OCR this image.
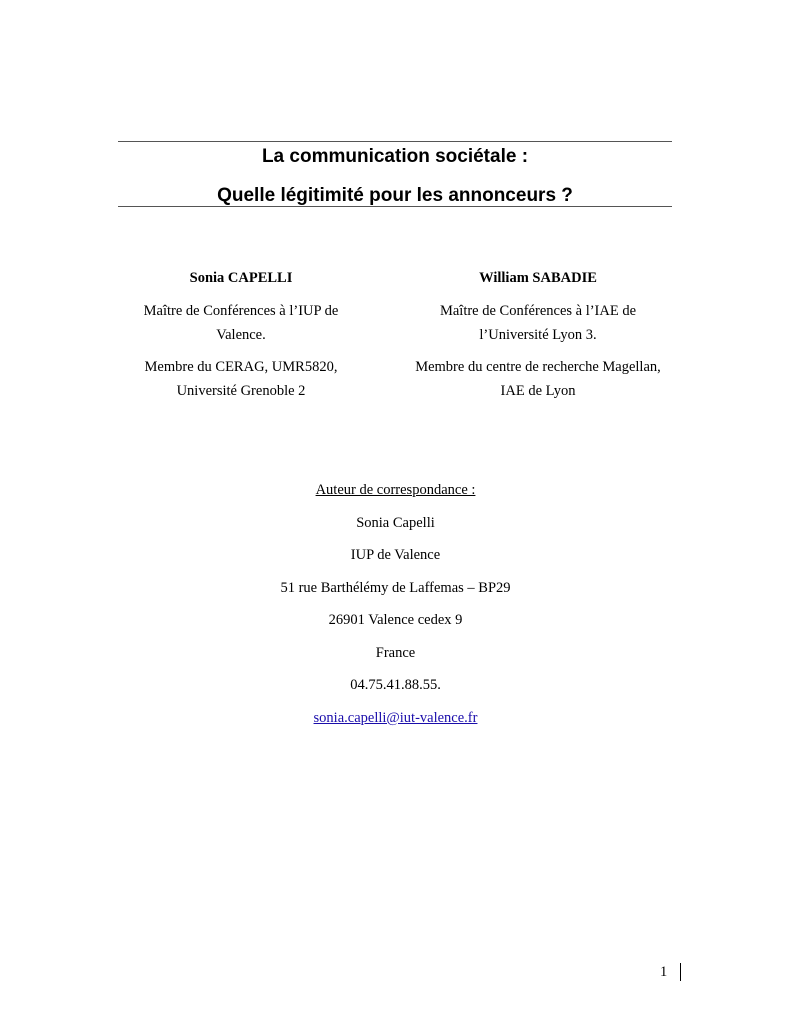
La communication sociétale :
Quelle légitimité pour les annonceurs ?
Sonia CAPELLI
Maître de Conférences à l’IUP de
Valence.
Membre du CERAG, UMR5820,
Université Grenoble 2
William SABADIE
Maître de Conférences à l’IAE de
l’Université Lyon 3.
Membre du centre de recherche Magellan,
IAE de Lyon
Auteur de correspondance :
Sonia Capelli
IUP de Valence
51 rue Barthélémy de Laffemas – BP29
26901 Valence cedex 9
France
04.75.41.88.55.
sonia.capelli@iut-valence.fr
1
